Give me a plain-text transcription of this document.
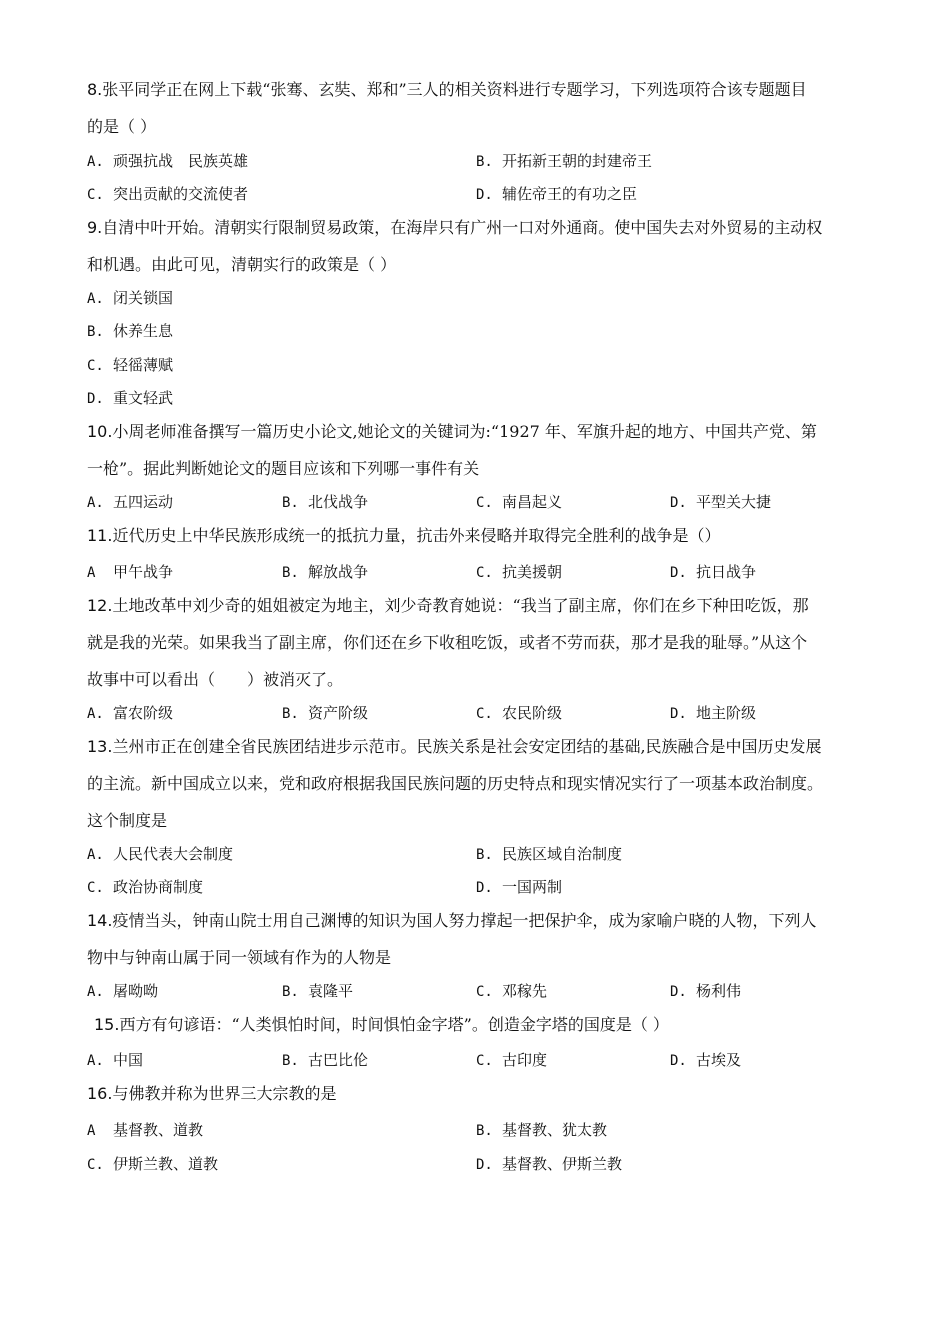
8.张平同学正在网上下载“张骞、玄奘、郑和”三人的相关资料进行专题学习，下列选项符合该专题题目
的是（ ）
A. 顽强抗战　民族英雄	B. 开拓新王朝的封建帝王
C. 突出贡献的交流使者	D. 辅佐帝王的有功之臣
9.自清中叶开始。清朝实行限制贸易政策，在海岸只有广州一口对外通商。使中国失去对外贸易的主动权
和机遇。由此可见，清朝实行的政策是（ ）
A. 闭关锁国
B. 休养生息
C. 轻徭薄赋
D. 重文轻武
10.小周老师准备撰写一篇历史小论文,她论文的关键词为:“1927 年、军旗升起的地方、中国共产党、第
一枪”。据此判断她论文的题目应该和下列哪一事件有关
A. 五四运动	B. 北伐战争	C. 南昌起义	D. 平型关大捷
11.近代历史上中华民族形成统一的抵抗力量，抗击外来侵略并取得完全胜利的战争是（）
A 甲午战争	B. 解放战争	C. 抗美援朝	D. 抗日战争
12.土地改革中刘少奇的姐姐被定为地主，刘少奇教育她说：“我当了副主席，你们在乡下种田吃饭，那
就是我的光荣。如果我当了副主席，你们还在乡下收租吃饭，或者不劳而获，那才是我的耻辱。”从这个
故事中可以看出（　　）被消灭了。
A. 富农阶级	B. 资产阶级	C. 农民阶级	D. 地主阶级
13.兰州市正在创建全省民族团结进步示范市。民族关系是社会安定团结的基础,民族融合是中国历史发展
的主流。新中国成立以来，党和政府根据我国民族问题的历史特点和现实情况实行了一项基本政治制度。
这个制度是
A. 人民代表大会制度	B. 民族区域自治制度
C. 政治协商制度	D. 一国两制
14.疫情当头，钟南山院士用自己渊博的知识为国人努力撑起一把保护伞，成为家喻户晓的人物，下列人
物中与钟南山属于同一领域有作为的人物是
A. 屠呦呦	B. 袁隆平	C. 邓稼先	D. 杨利伟
15.西方有句谚语：“人类惧怕时间，时间惧怕金字塔”。创造金字塔的国度是（ ）
A. 中国	B. 古巴比伦	C. 古印度	D. 古埃及
16.与佛教并称为世界三大宗教的是
A 基督教、道教	B. 基督教、犹太教
C. 伊斯兰教、道教	D. 基督教、伊斯兰教
